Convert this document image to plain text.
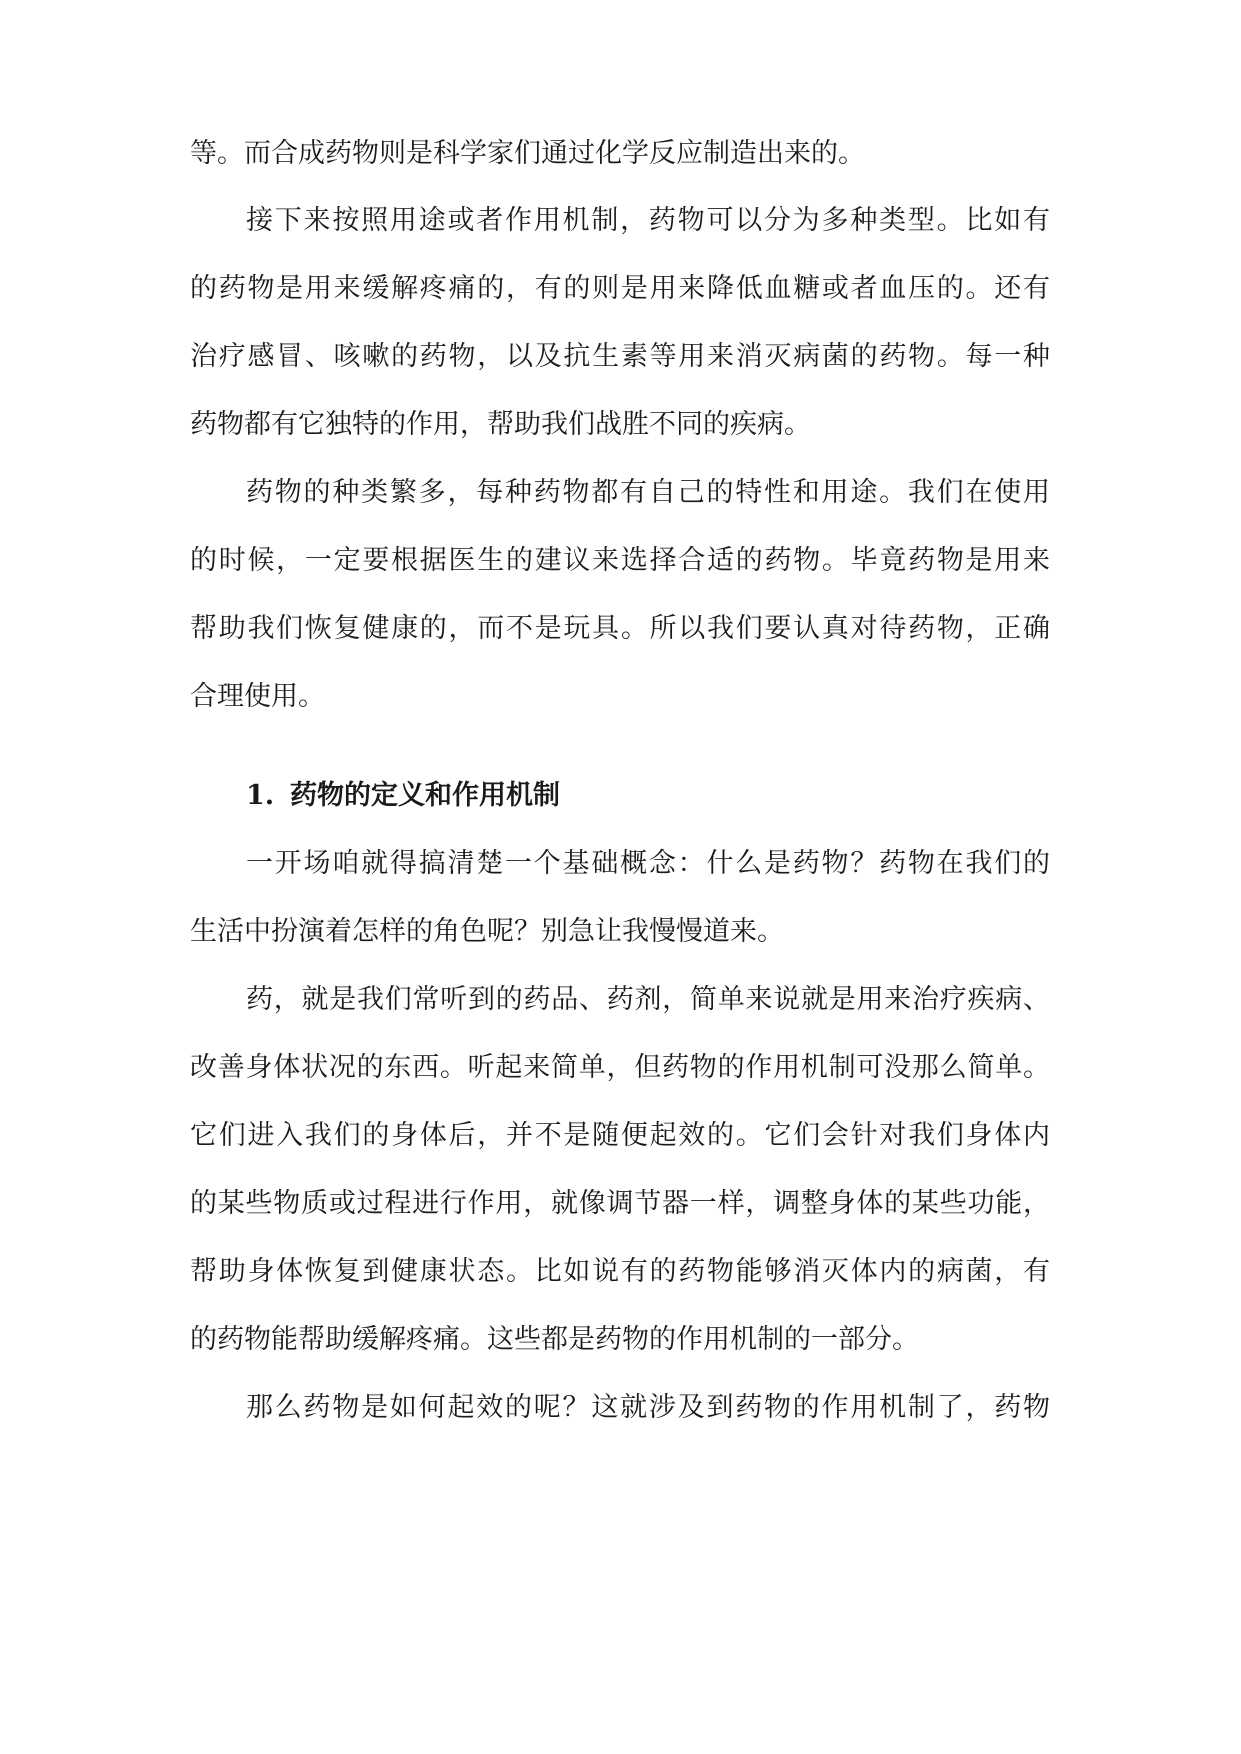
等。而合成药物则是科学家们通过化学反应制造出来的。
接下来按照用途或者作用机制，药物可以分为多种类型。比如有
的药物是用来缓解疼痛的，有的则是用来降低血糖或者血压的。还有
治疗感冒、咳嗽的药物，以及抗生素等用来消灭病菌的药物。每一种
药物都有它独特的作用，帮助我们战胜不同的疾病。
药物的种类繁多，每种药物都有自己的特性和用途。我们在使用
的时候，一定要根据医生的建议来选择合适的药物。毕竟药物是用来
帮助我们恢复健康的，而不是玩具。所以我们要认真对待药物，正确
合理使用。
1. 药物的定义和作用机制
一开场咱就得搞清楚一个基础概念：什么是药物？药物在我们的
生活中扮演着怎样的角色呢？别急让我慢慢道来。
药，就是我们常听到的药品、药剂，简单来说就是用来治疗疾病、
改善身体状况的东西。听起来简单，但药物的作用机制可没那么简单。
它们进入我们的身体后，并不是随便起效的。它们会针对我们身体内
的某些物质或过程进行作用，就像调节器一样，调整身体的某些功能，
帮助身体恢复到健康状态。比如说有的药物能够消灭体内的病菌，有
的药物能帮助缓解疼痛。这些都是药物的作用机制的一部分。
那么药物是如何起效的呢？这就涉及到药物的作用机制了，药物
